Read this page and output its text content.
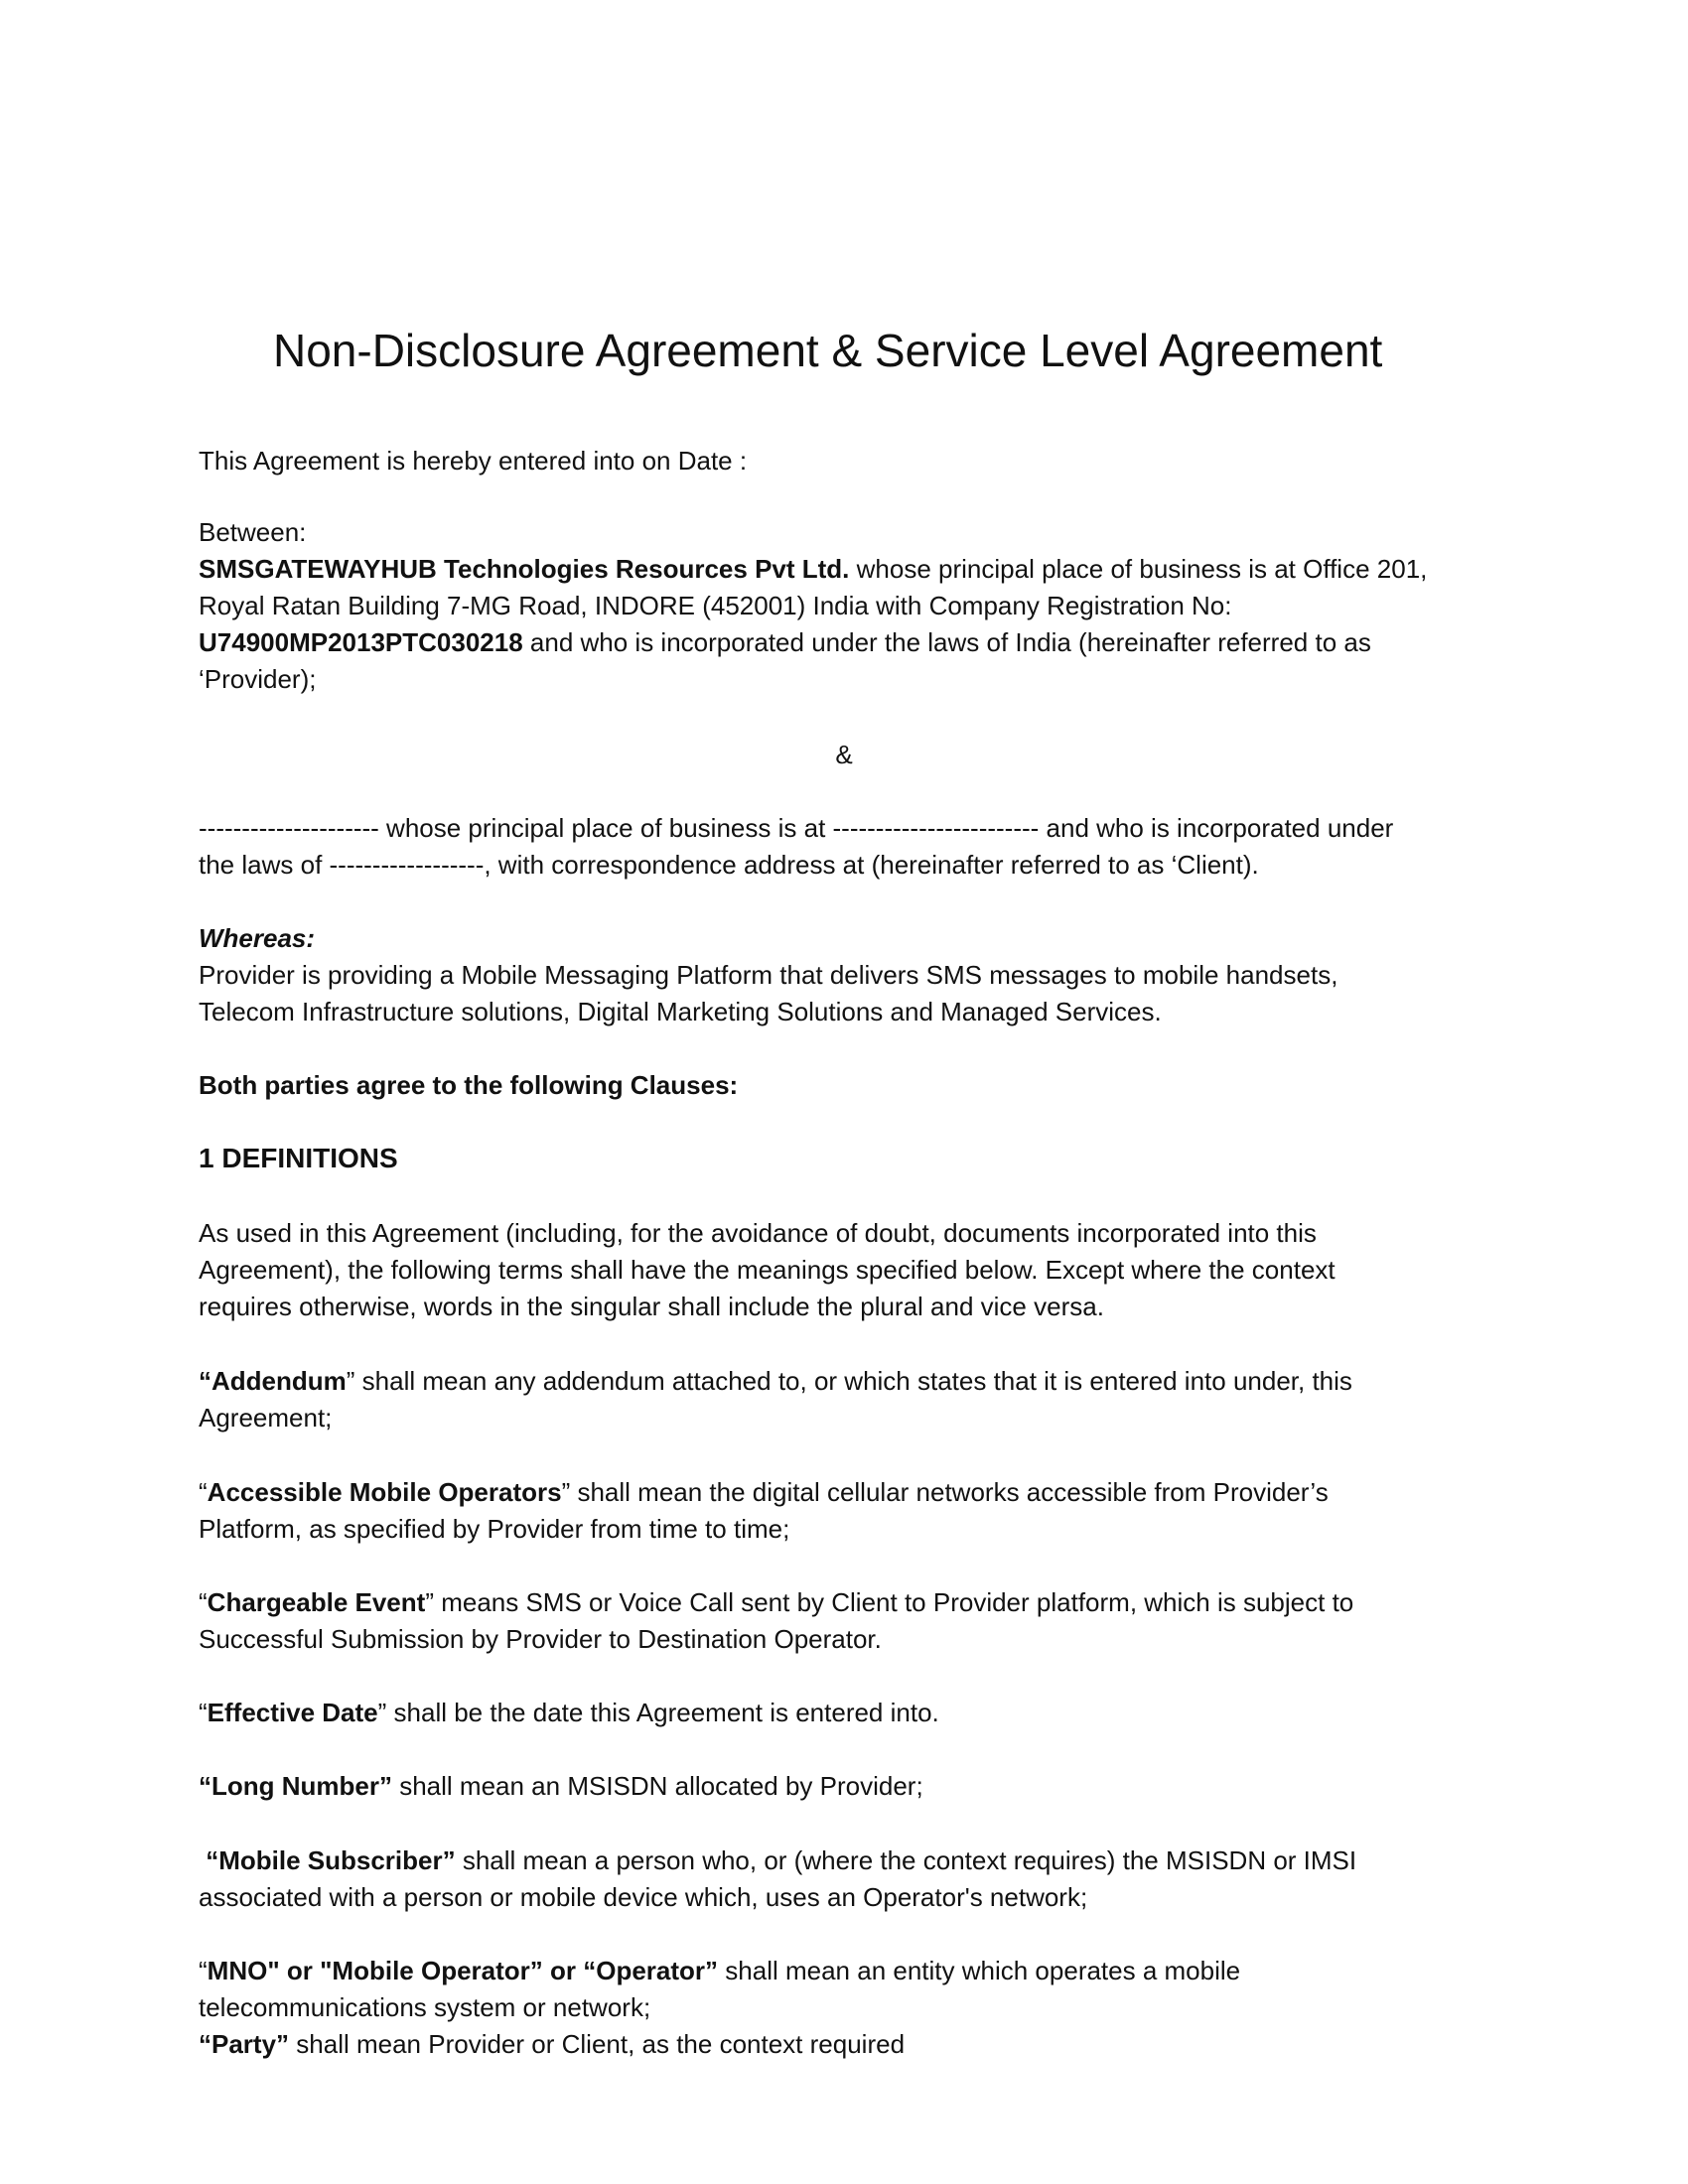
Non-Disclosure Agreement & Service Level Agreement
This Agreement is hereby entered into on Date :
Between:
SMSGATEWAYHUB Technologies Resources Pvt Ltd. whose principal place of business is at Office 201,
Royal Ratan Building 7-MG Road, INDORE (452001) India with Company Registration No:
U74900MP2013PTC030218 and who is incorporated under the laws of India (hereinafter referred to as
‘Provider);
&
--------------------- whose principal place of business is at ------------------------ and who is incorporated under
the laws of ------------------, with correspondence address at (hereinafter referred to as ‘Client).
Whereas:
Provider is providing a Mobile Messaging Platform that delivers SMS messages to mobile handsets,
Telecom Infrastructure solutions, Digital Marketing Solutions and Managed Services.
Both parties agree to the following Clauses:
1 DEFINITIONS
As used in this Agreement (including, for the avoidance of doubt, documents incorporated into this
Agreement), the following terms shall have the meanings specified below. Except where the context
requires otherwise, words in the singular shall include the plural and vice versa.
“Addendum” shall mean any addendum attached to, or which states that it is entered into under, this
Agreement;
“Accessible Mobile Operators” shall mean the digital cellular networks accessible from Provider’s
Platform, as specified by Provider from time to time;
“Chargeable Event” means SMS or Voice Call sent by Client to Provider platform, which is subject to
Successful Submission by Provider to Destination Operator.
“Effective Date” shall be the date this Agreement is entered into.
“Long Number” shall mean an MSISDN allocated by Provider;
“Mobile Subscriber” shall mean a person who, or (where the context requires) the MSISDN or IMSI
associated with a person or mobile device which, uses an Operator's network;
“MNO" or "Mobile Operator” or “Operator” shall mean an entity which operates a mobile
telecommunications system or network;
“Party” shall mean Provider or Client, as the context required
